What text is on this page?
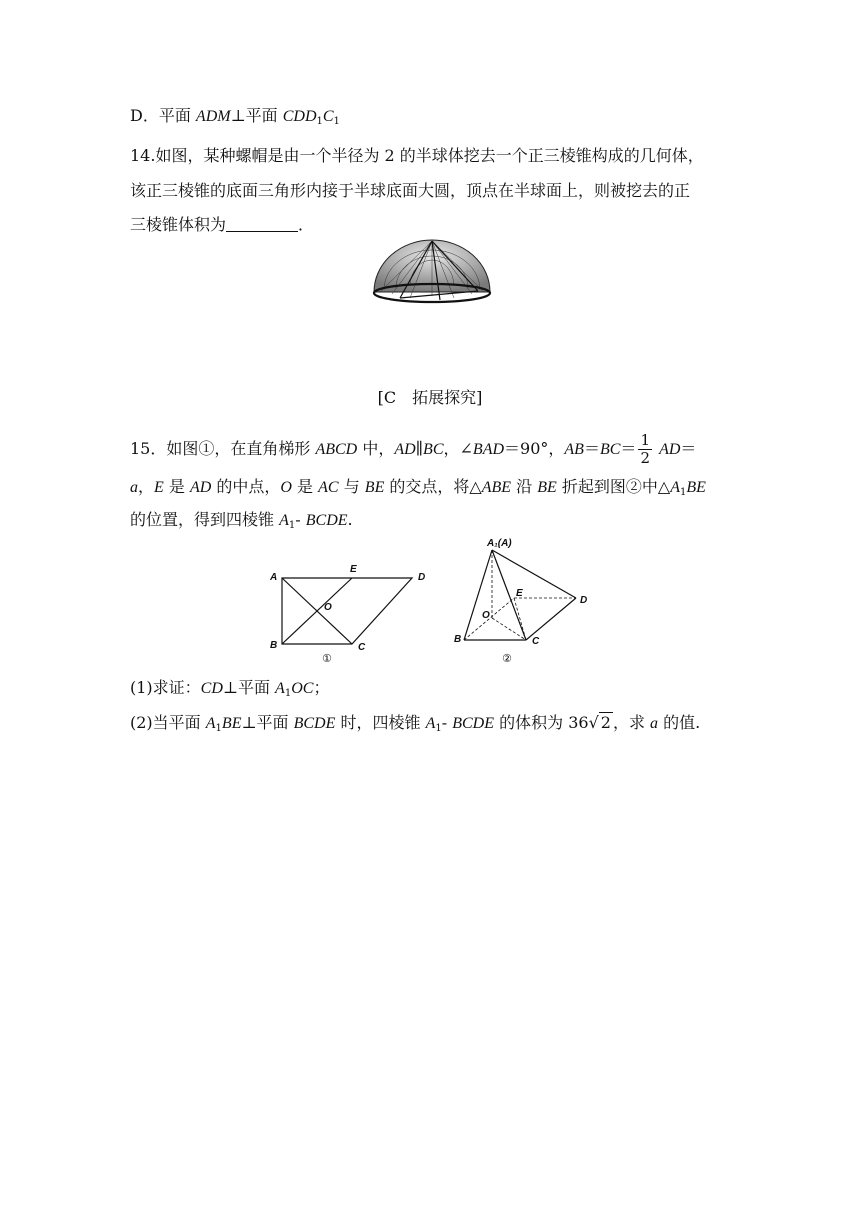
D．平面 ADM⊥平面 $CDD_1C_1$
14.如图，某种螺帽是由一个半径为 2 的半球体挖去一个正三棱锥构成的几何体，
该正三棱锥的底面三角形内接于半球底面大圆，顶点在半球面上，则被挖去的正
三棱锥体积为	．
[C　拓展探究]
15．如图①，在直角梯形 ABCD 中，AD∥BC，∠BAD＝90°，$AB=BC= \frac{1}{2} AD=$
a，E 是 AD 的中点，O 是 AC 与 BE 的交点，将△ABE 沿 BE 折起到图②中$\triangle A_1BE$
的位置，得到四棱锥 $A_1-$ BCDE.
A
E
D
O
B	C
①
A₁(A)
E
D
O
B	C
②
(1)求证：CD⊥平面 $A_1OC$；
(2)当平面 $A_1BE\perp$平面 BCDE 时，四棱锥 $A_1-$ BCDE 的体积为 36√ 2 ，求 a 的值.
